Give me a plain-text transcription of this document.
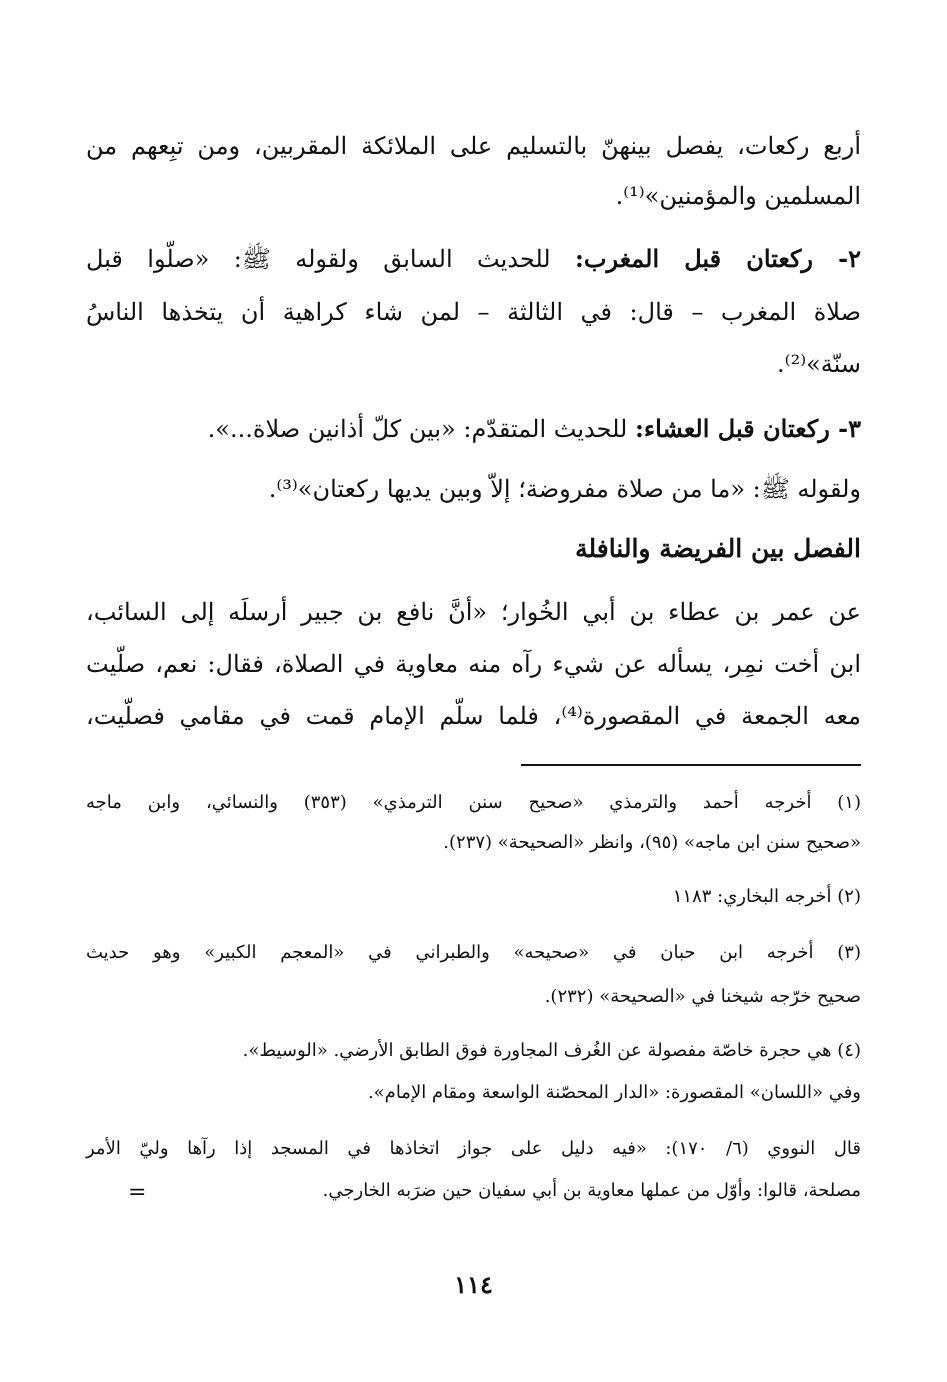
أربع ركعات، يفصل بينهنّ بالتسليم على الملائكة المقربين، ومن تبِعهم من

المسلمين والمؤمنين»⁽¹⁾.

٢- ركعتان قبل المغرب: للحديث السابق ولقوله ﷺ: «صلّوا قبل

صلاة المغرب – قال: في الثالثة – لمن شاء كراهية أن يتخذها الناسُ

سنّة»⁽²⁾.

٣- ركعتان قبل العشاء: للحديث المتقدّم: «بين كلّ أذانين صلاة...».

ولقوله ﷺ: «ما من صلاة مفروضة؛ إلاّ وبين يديها ركعتان»⁽³⁾.

الفصل بين الفريضة والنافلة

عن عمر بن عطاء بن أبي الخُوار؛ «أنَّ نافع بن جبير أرسلَه إلى السائب،

ابن أخت نمِر، يسأله عن شيء رآه منه معاوية في الصلاة، فقال: نعم، صلّيت

معه الجمعة في المقصورة⁽⁴⁾، فلما سلّم الإمام قمت في مقامي فصلّيت،

(١) أخرجه أحمد والترمذي «صحيح سنن الترمذي» (٣٥٣) والنسائي، وابن ماجه

«صحيح سنن ابن ماجه» (٩٥)، وانظر «الصحيحة» (٢٣٧).

(٢) أخرجه البخاري: ١١٨٣

(٣) أخرجه ابن حبان في «صحيحه» والطبراني في «المعجم الكبير» وهو حديث

صحيح خرّجه شيخنا في «الصحيحة» (٢٣٢).

(٤) هي حجرة خاصّة مفصولة عن الغُرف المجاورة فوق الطابق الأرضي. «الوسيط».

وفي «اللسان» المقصورة: «الدار المحصّنة الواسعة ومقام الإمام».

قال النووي (٦/ ١٧٠): «فيه دليل على جواز اتخاذها في المسجد إذا رآها وليّ الأمر

مصلحة، قالوا: وأوّل من عملها معاوية بن أبي سفيان حين ضرَبه الخارجي.

=
١١٤
